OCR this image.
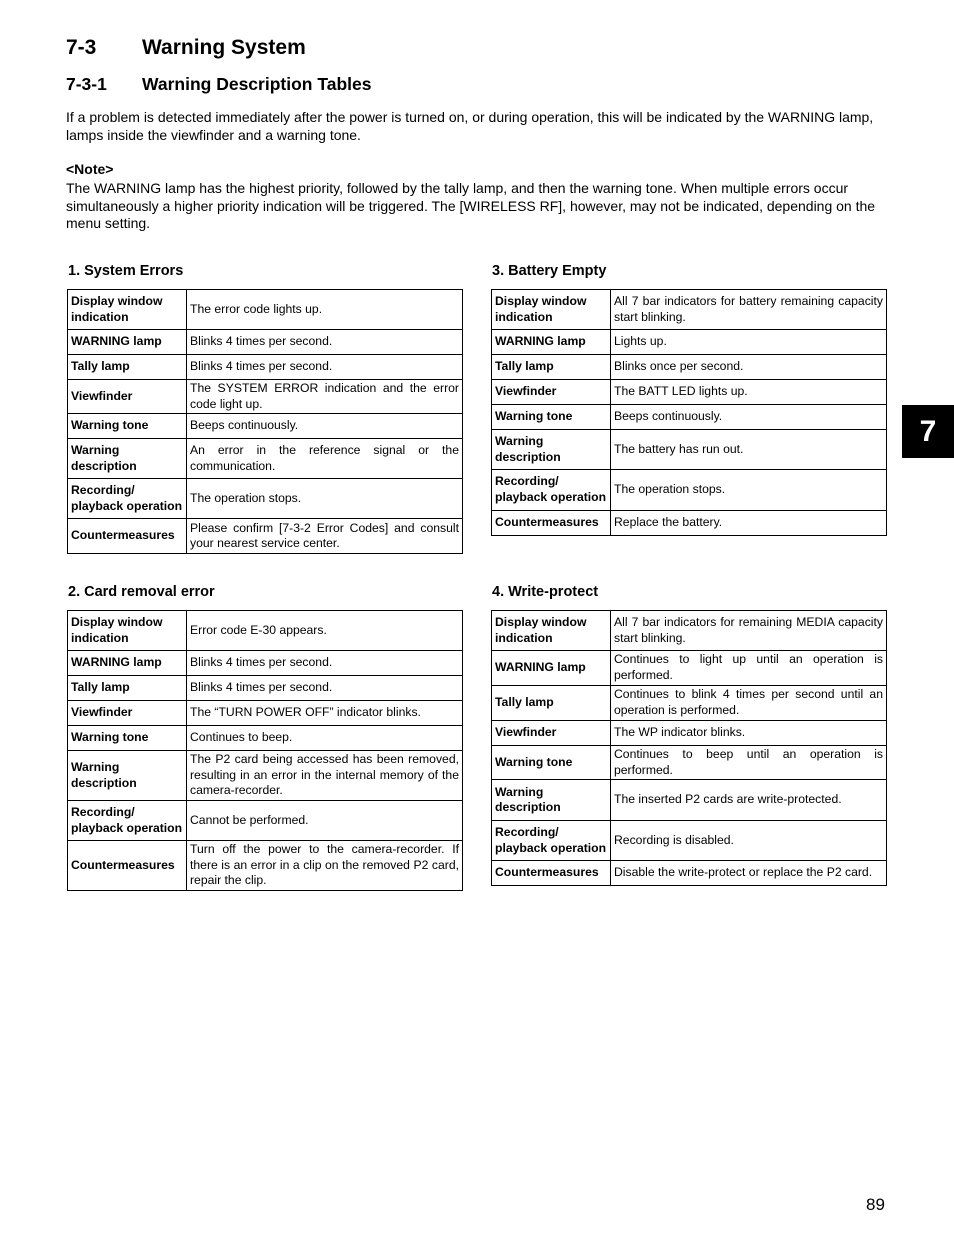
7-3 Warning System
7-3-1 Warning Description Tables

If a problem is detected immediately after the power is turned on, or during operation, this will be indicated by the WARNING lamp, lamps inside the viewfinder and a warning tone.

<Note>

The WARNING lamp has the highest priority, followed by the tally lamp, and then the warning tone. When multiple errors occur simultaneously a higher priority indication will be triggered. The [WIRELESS RF], however, may not be indicated, depending on the menu setting.

1. System Errors

Display window indication	The error code lights up.
WARNING lamp	Blinks 4 times per second.
Tally lamp	Blinks 4 times per second.
Viewfinder	The SYSTEM ERROR indication and the error code light up.
Warning tone	Beeps continuously.
Warning description	An error in the reference signal or the communication.
Recording/ playback operation	The operation stops.
Countermeasures	Please confirm [7-3-2 Error Codes] and consult your nearest service center.

2. Card removal error

Display window indication	Error code E-30 appears.
WARNING lamp	Blinks 4 times per second.
Tally lamp	Blinks 4 times per second.
Viewfinder	The “TURN POWER OFF” indicator blinks.
Warning tone	Continues to beep.
Warning description	The P2 card being accessed has been removed, resulting in an error in the internal memory of the camera-recorder.
Recording/ playback operation	Cannot be performed.
Countermeasures	Turn off the power to the camera-recorder. If there is an error in a clip on the removed P2 card, repair the clip.

3. Battery Empty

Display window indication	All 7 bar indicators for battery remaining capacity start blinking.
WARNING lamp	Lights up.
Tally lamp	Blinks once per second.
Viewfinder	The BATT LED lights up.
Warning tone	Beeps continuously.
Warning description	The battery has run out.
Recording/ playback operation	The operation stops.
Countermeasures	Replace the battery.

4. Write-protect

Display window indication	All 7 bar indicators for remaining MEDIA capacity start blinking.
WARNING lamp	Continues to light up until an operation is performed.
Tally lamp	Continues to blink 4 times per second until an operation is performed.
Viewfinder	The WP indicator blinks.
Warning tone	Continues to beep until an operation is performed.
Warning description	The inserted P2 cards are write-protected.
Recording/ playback operation	Recording is disabled.
Countermeasures	Disable the write-protect or replace the P2 card.
7
89
